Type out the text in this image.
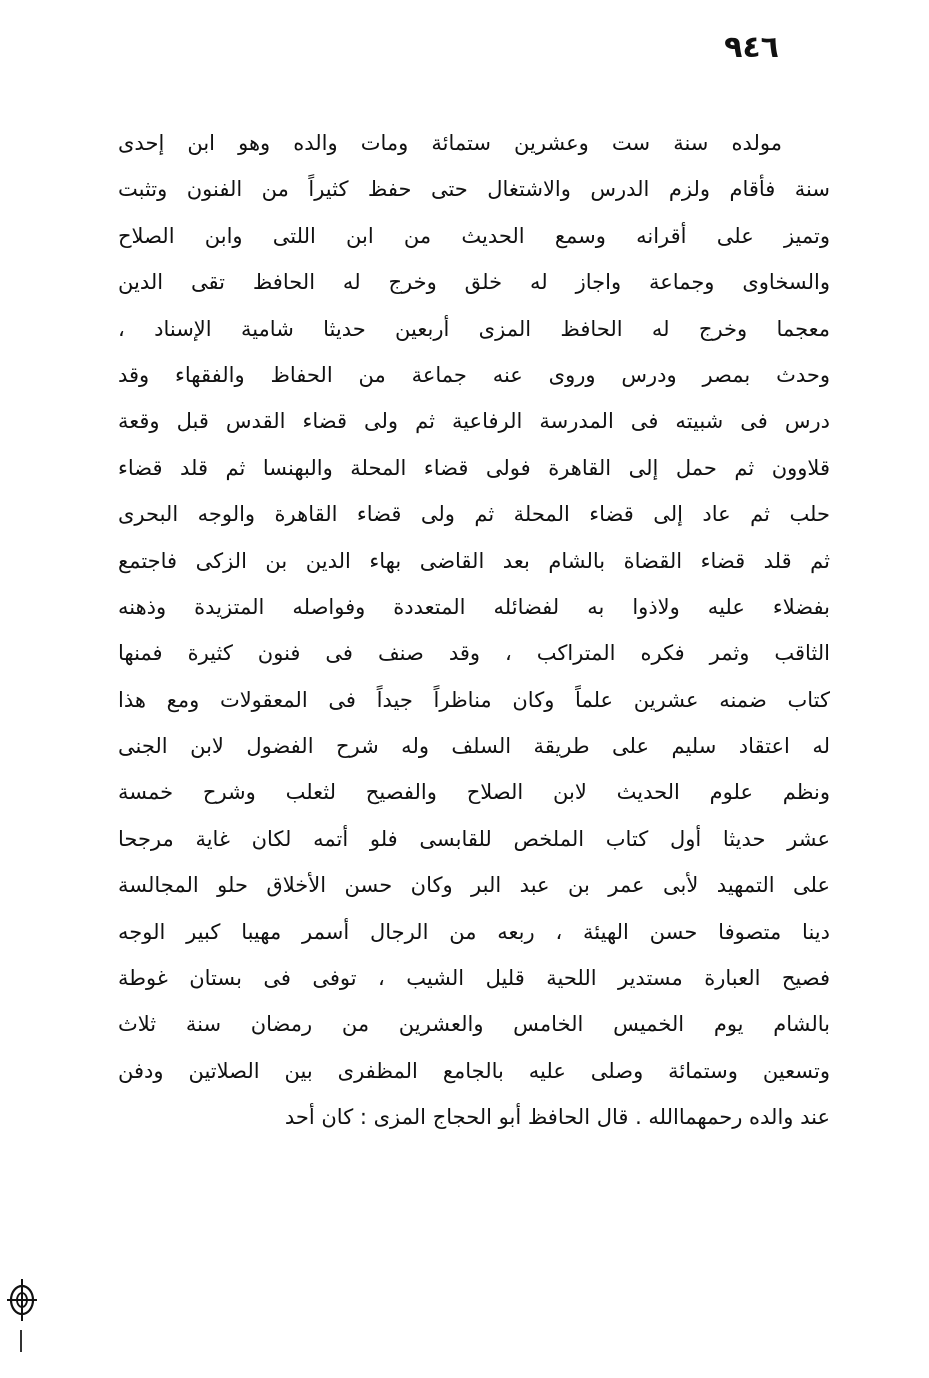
٩٤٦
مولده سنة ست وعشرين ستمائة ومات والده وهو ابن إحدى
سنة فأقام ولزم الدرس والاشتغال حتى حفظ كثيراً من الفنون وتثبت
وتميز على أقرانه وسمع الحديث من ابن اللتى وابن الصلاح
والسخاوى وجماعة واجاز له خلق وخرج له الحافظ تقى الدين
معجما وخرج له الحافظ المزى أربعين حديثا شامية الإسناد ،
وحدث بمصر ودرس وروى عنه جماعة من الحفاظ والفقهاء وقد
درس فى شبيته فى المدرسة الرفاعية ثم ولى قضاء القدس قبل وقعة
قلاوون ثم حمل إلى القاهرة فولى قضاء المحلة والبهنسا ثم قلد قضاء
حلب ثم عاد إلى قضاء المحلة ثم ولى قضاء القاهرة والوجه البحرى
ثم قلد قضاء القضاة بالشام بعد القاضى بهاء الدين بن الزكى فاجتمع
بفضلاء عليه ولاذوا به لفضائله المتعددة وفواصله المتزيدة وذهنه
الثاقب وثمر فكره المتراكب ، وقد صنف فى فنون كثيرة فمنها
كتاب ضمنه عشرين علماً وكان مناظراً جيداً فى المعقولات ومع هذا
له اعتقاد سليم على طريقة السلف وله شرح الفضول لابن الجنى
ونظم علوم الحديث لابن الصلاح والفصيح لثعلب وشرح خمسة
عشر حديثا أول كتاب الملخص للقابسى فلو أتمه لكان غاية مرجحا
على التمهيد لأبى عمر بن عبد البر وكان حسن الأخلاق حلو المجالسة
دينا متصوفا حسن الهيئة ، ربعه من الرجال أسمر مهيبا كبير الوجه
فصيح العبارة مستدير اللحية قليل الشيب ، توفى فى بستان غوطة
بالشام يوم الخميس الخامس والعشرين من رمضان سنة ثلاث
وتسعين وستمائة وصلى عليه بالجامع المظفرى بين الصلاتين ودفن
عند والده رحمهماالله . قال الحافظ أبو الحجاج المزى : كان أحد
